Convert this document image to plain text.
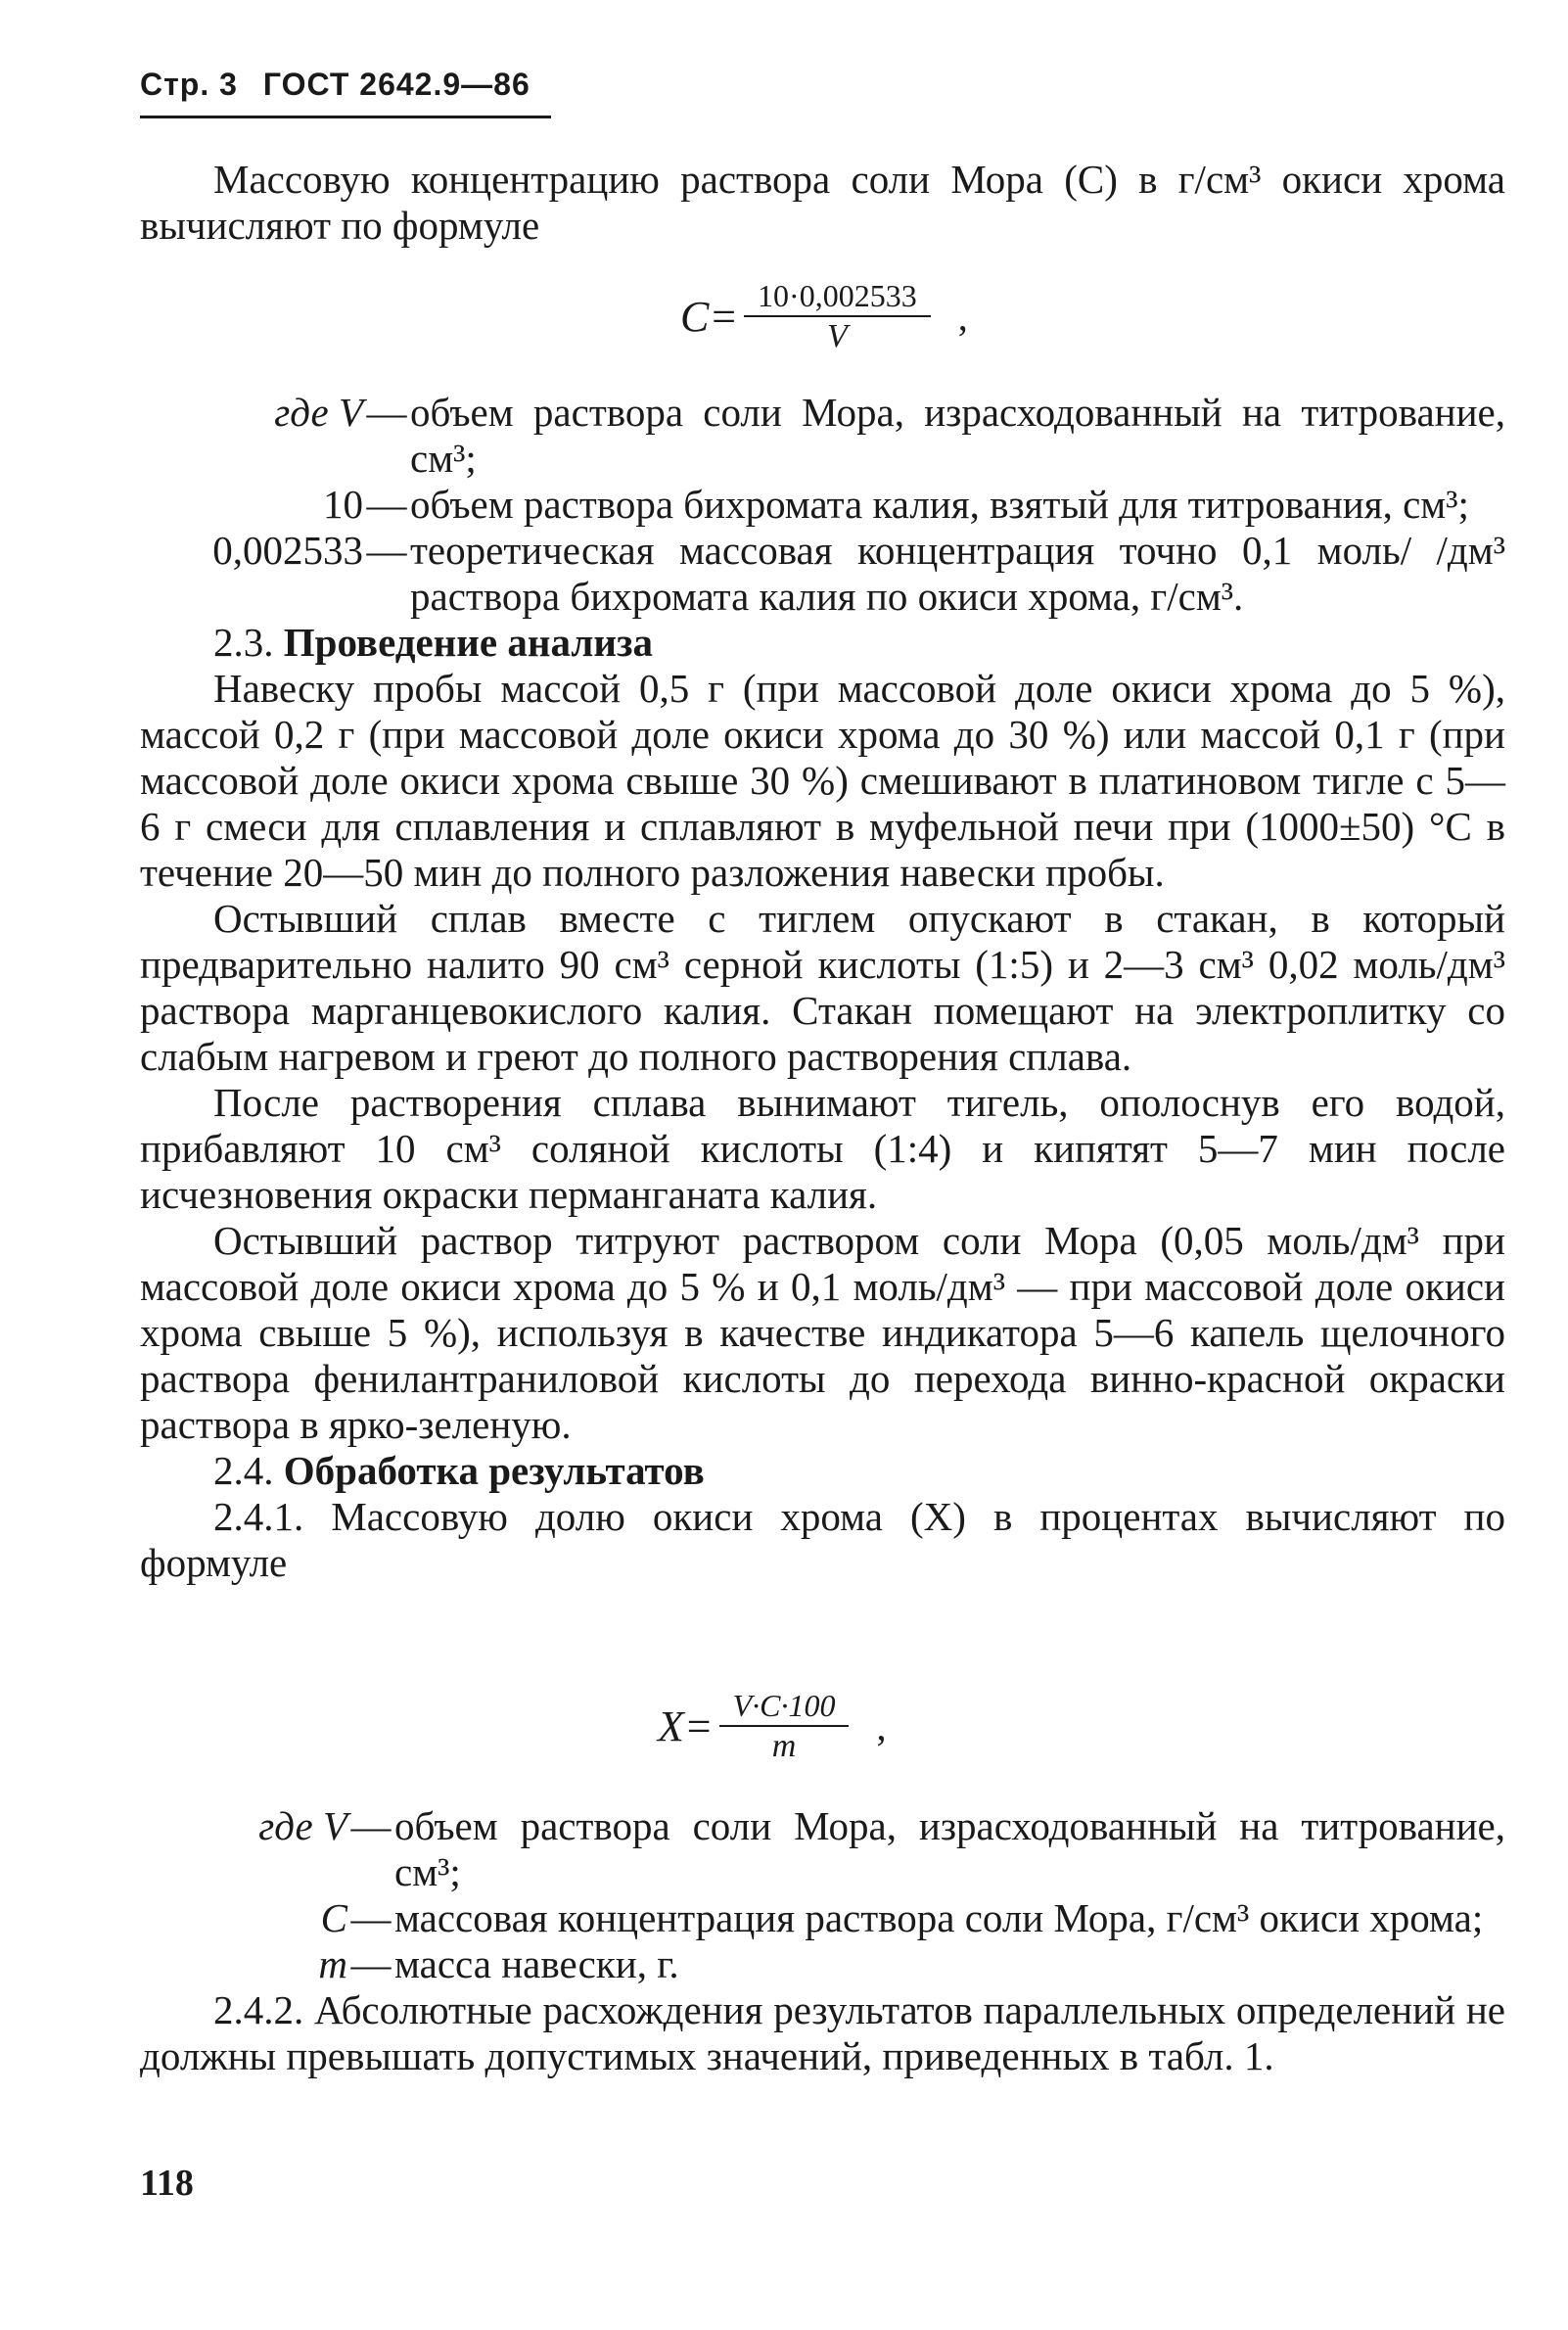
Стр. 3 ГОСТ 2642.9—86

Массовую концентрацию раствора соли Мора (C) в г/см³ окиси хрома вычисляют по формуле

$C= \frac{10\cdot 0,002533}{V}$ ,
где V — объем раствора соли Мора, израсходованный на титрование, см³;
10 — объем раствора бихромата калия, взятый для титрования, см³;
0,002533 — теоретическая массовая концентрация точно 0,1 моль/ /дм³ раствора бихромата калия по окиси хрома, г/см³.

2.3. Проведение анализа

Навеску пробы массой 0,5 г (при массовой доле окиси хрома до 5 %), массой 0,2 г (при массовой доле окиси хрома до 30 %) или массой 0,1 г (при массовой доле окиси хрома свыше 30 %) смешивают в платиновом тигле с 5—6 г смеси для сплавления и сплавляют в муфельной печи при (1000±50) °С в течение 20—50 мин до полного разложения навески пробы.

Остывший сплав вместе с тиглем опускают в стакан, в который предварительно налито 90 см³ серной кислоты (1:5) и 2—3 см³ 0,02 моль/дм³ раствора марганцевокислого калия. Стакан помещают на электроплитку со слабым нагревом и греют до полного растворения сплава.

После растворения сплава вынимают тигель, ополоснув его водой, прибавляют 10 см³ соляной кислоты (1:4) и кипятят 5—7 мин после исчезновения окраски перманганата калия.

Остывший раствор титруют раствором соли Мора (0,05 моль/дм³ при массовой доле окиси хрома до 5 % и 0,1 моль/дм³ — при массовой доле окиси хрома свыше 5 %), используя в качестве индикатора 5—6 капель щелочного раствора фенилантраниловой кислоты до перехода винно-красной окраски раствора в ярко-зеленую.

2.4. Обработка результатов

2.4.1. Массовую долю окиси хрома (X) в процентах вычисляют по формуле

$X= \frac{V\cdot C\cdot 100}{m}$ ,
где V — объем раствора соли Мора, израсходованный на титрование, см³;
C — массовая концентрация раствора соли Мора, г/см³ окиси хрома;
m — масса навески, г.

2.4.2. Абсолютные расхождения результатов параллельных определений не должны превышать допустимых значений, приведенных в табл. 1.

118
